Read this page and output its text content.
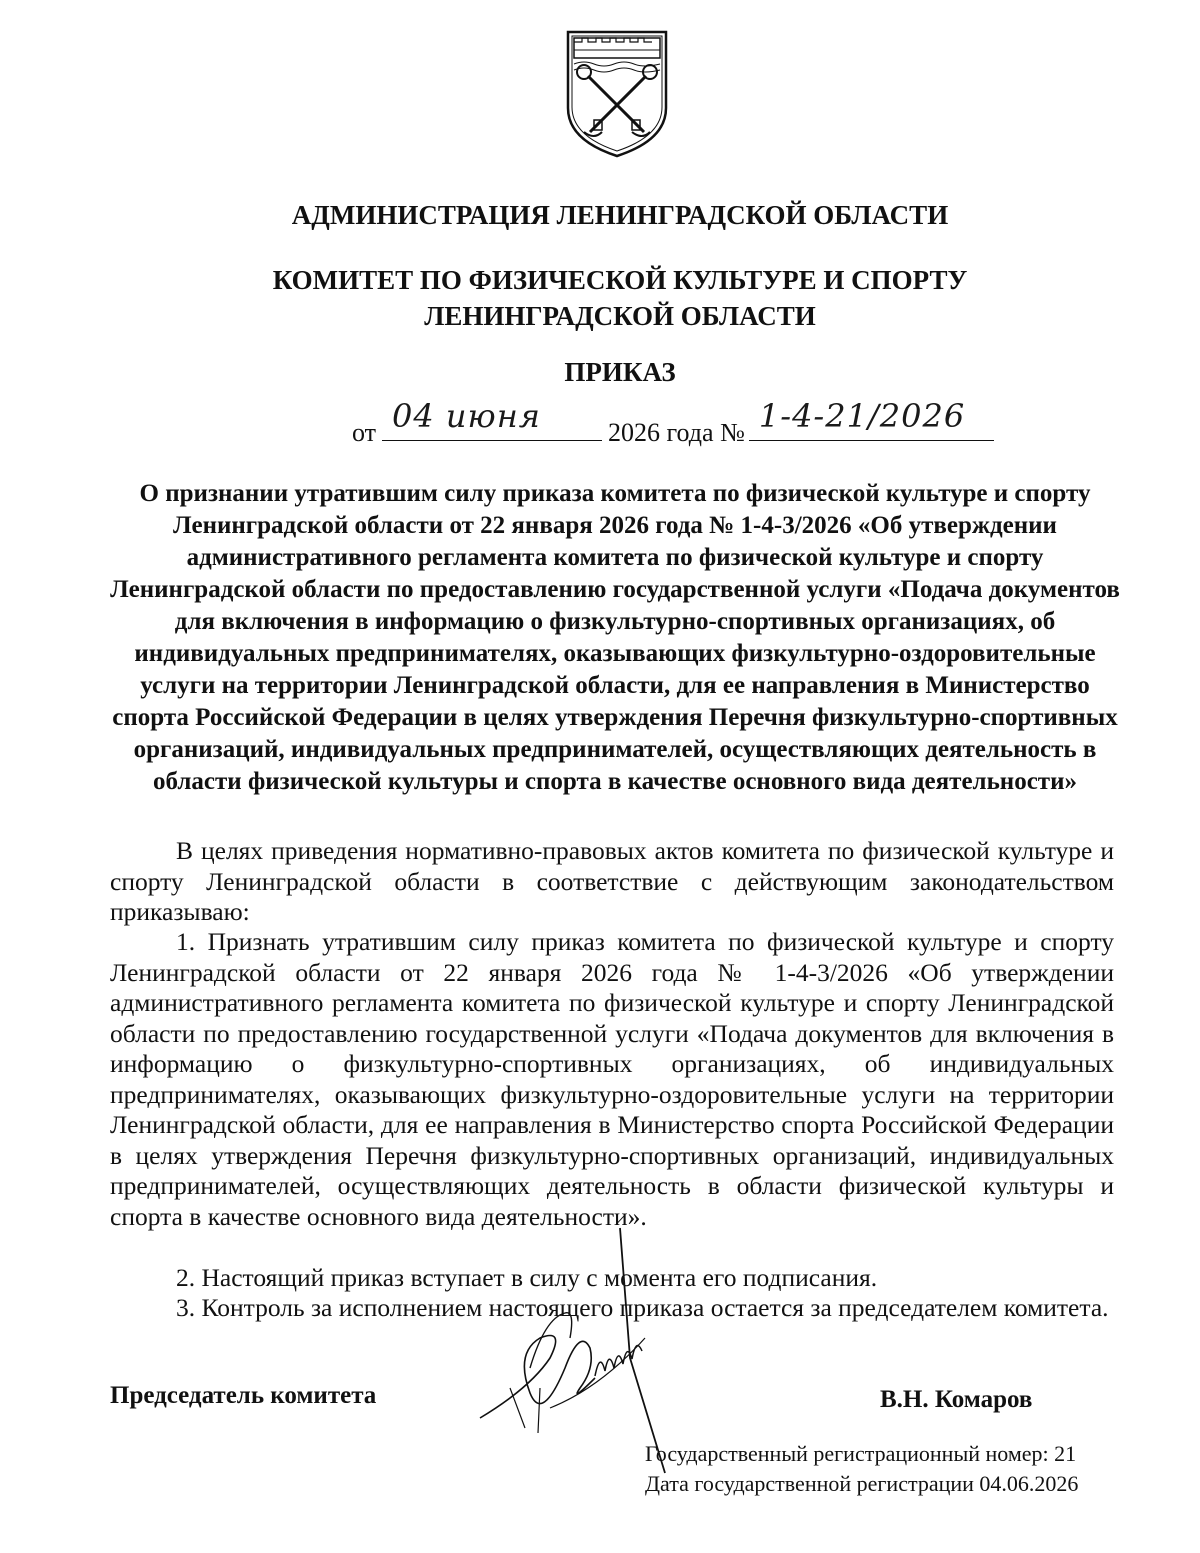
АДМИНИСТРАЦИЯ ЛЕНИНГРАДСКОЙ ОБЛАСТИ
КОМИТЕТ ПО ФИЗИЧЕСКОЙ КУЛЬТУРЕ И СПОРТУ
ЛЕНИНГРАДСКОЙ ОБЛАСТИ
ПРИКАЗ
от 04 июня	2026 года № 1-4-21/2026
О признании утратившим силу приказа комитета по физической культуре и спорту Ленинградской области от 22 января 2026 года № 1-4-3/2026 «Об утверждении административного регламента комитета по физической культуре и спорту Ленинградской области по предоставлению государственной услуги «Подача документов для включения в информацию о физкультурно-спортивных организациях, об индивидуальных предпринимателях, оказывающих физкультурно-оздоровительные услуги на территории Ленинградской области, для ее направления в Министерство спорта Российской Федерации в целях утверждения Перечня физкультурно-спортивных организаций, индивидуальных предпринимателей, осуществляющих деятельность в области физической культуры и спорта в качестве основного вида деятельности»
В целях приведения нормативно-правовых актов комитета по физической культуре и спорту Ленинградской области в соответствие с действующим законодательством приказываю:
1. Признать утратившим силу приказ комитета по физической культуре и спорту Ленинградской области от 22 января 2026 года № 1-4-3/2026 «Об утверждении административного регламента комитета по физической культуре и спорту Ленинградской области по предоставлению государственной услуги «Подача документов для включения в информацию о физкультурно-спортивных организациях, об индивидуальных предпринимателях, оказывающих физкультурно-оздоровительные услуги на территории Ленинградской области, для ее направления в Министерство спорта Российской Федерации в целях утверждения Перечня физкультурно-спортивных организаций, индивидуальных предпринимателей, осуществляющих деятельность в области физической культуры и спорта в качестве основного вида деятельности».
2. Настоящий приказ вступает в силу с момента его подписания.
3. Контроль за исполнением настоящего приказа остается за председателем комитета.
Председатель комитета	В.Н. Комаров
Государственный регистрационный номер: 21
Дата государственной регистрации 04.06.2026
